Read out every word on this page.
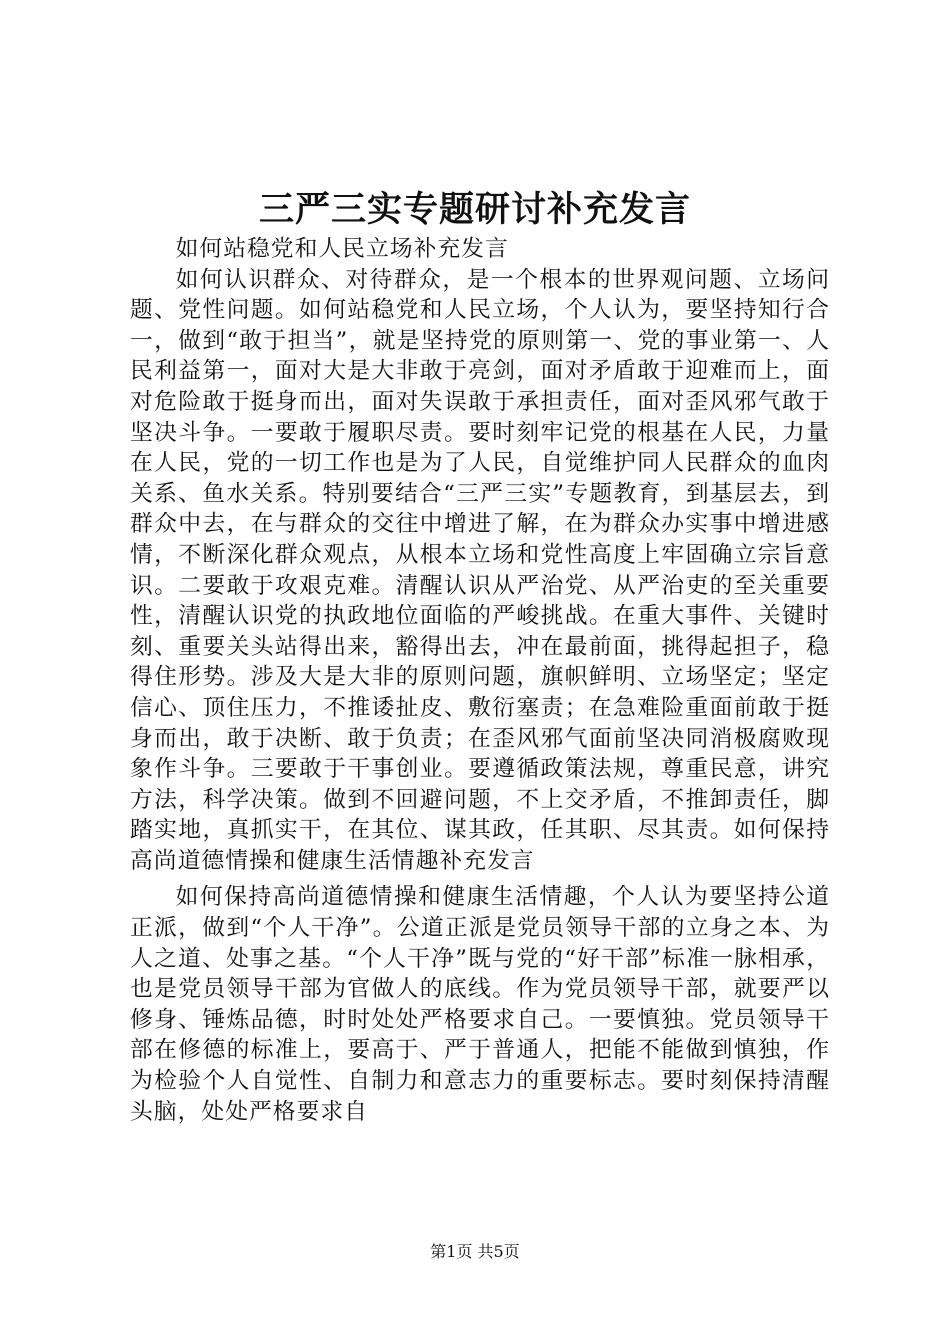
三严三实专题研讨补充发言

如何站稳党和人民立场补充发言

如何认识群众、对待群众，是一个根本的世界观问题、立场问题、党性问题。如何站稳党和人民立场，个人认为，要坚持知行合一，做到“敢于担当”，就是坚持党的原则第一、党的事业第一、人民利益第一，面对大是大非敢于亮剑，面对矛盾敢于迎难而上，面对危险敢于挺身而出，面对失误敢于承担责任，面对歪风邪气敢于坚决斗争。一要敢于履职尽责。要时刻牢记党的根基在人民，力量在人民，党的一切工作也是为了人民，自觉维护同人民群众的血肉关系、鱼水关系。特别要结合“三严三实”专题教育，到基层去，到群众中去，在与群众的交往中增进了解，在为群众办实事中增进感情，不断深化群众观点，从根本立场和党性高度上牢固确立宗旨意识。二要敢于攻艰克难。清醒认识从严治党、从严治吏的至关重要性，清醒认识党的执政地位面临的严峻挑战。在重大事件、关键时刻、重要关头站得出来，豁得出去，冲在最前面，挑得起担子，稳得住形势。涉及大是大非的原则问题，旗帜鲜明、立场坚定；坚定信心、顶住压力，不推诿扯皮、敷衍塞责；在急难险重面前敢于挺身而出，敢于决断、敢于负责；在歪风邪气面前坚决同消极腐败现象作斗争。三要敢于干事创业。要遵循政策法规，尊重民意，讲究方法，科学决策。做到不回避问题，不上交矛盾，不推卸责任，脚踏实地，真抓实干，在其位、谋其政，任其职、尽其责。如何保持高尚道德情操和健康生活情趣补充发言

如何保持高尚道德情操和健康生活情趣，个人认为要坚持公道正派，做到“个人干净”。公道正派是党员领导干部的立身之本、为人之道、处事之基。“个人干净”既与党的“好干部”标准一脉相承，也是党员领导干部为官做人的底线。作为党员领导干部，就要严以修身、锤炼品德，时时处处严格要求自己。一要慎独。党员领导干部在修德的标准上，要高于、严于普通人，把能不能做到慎独，作为检验个人自觉性、自制力和意志力的重要标志。要时刻保持清醒头脑，处处严格要求自

第1页 共5页
